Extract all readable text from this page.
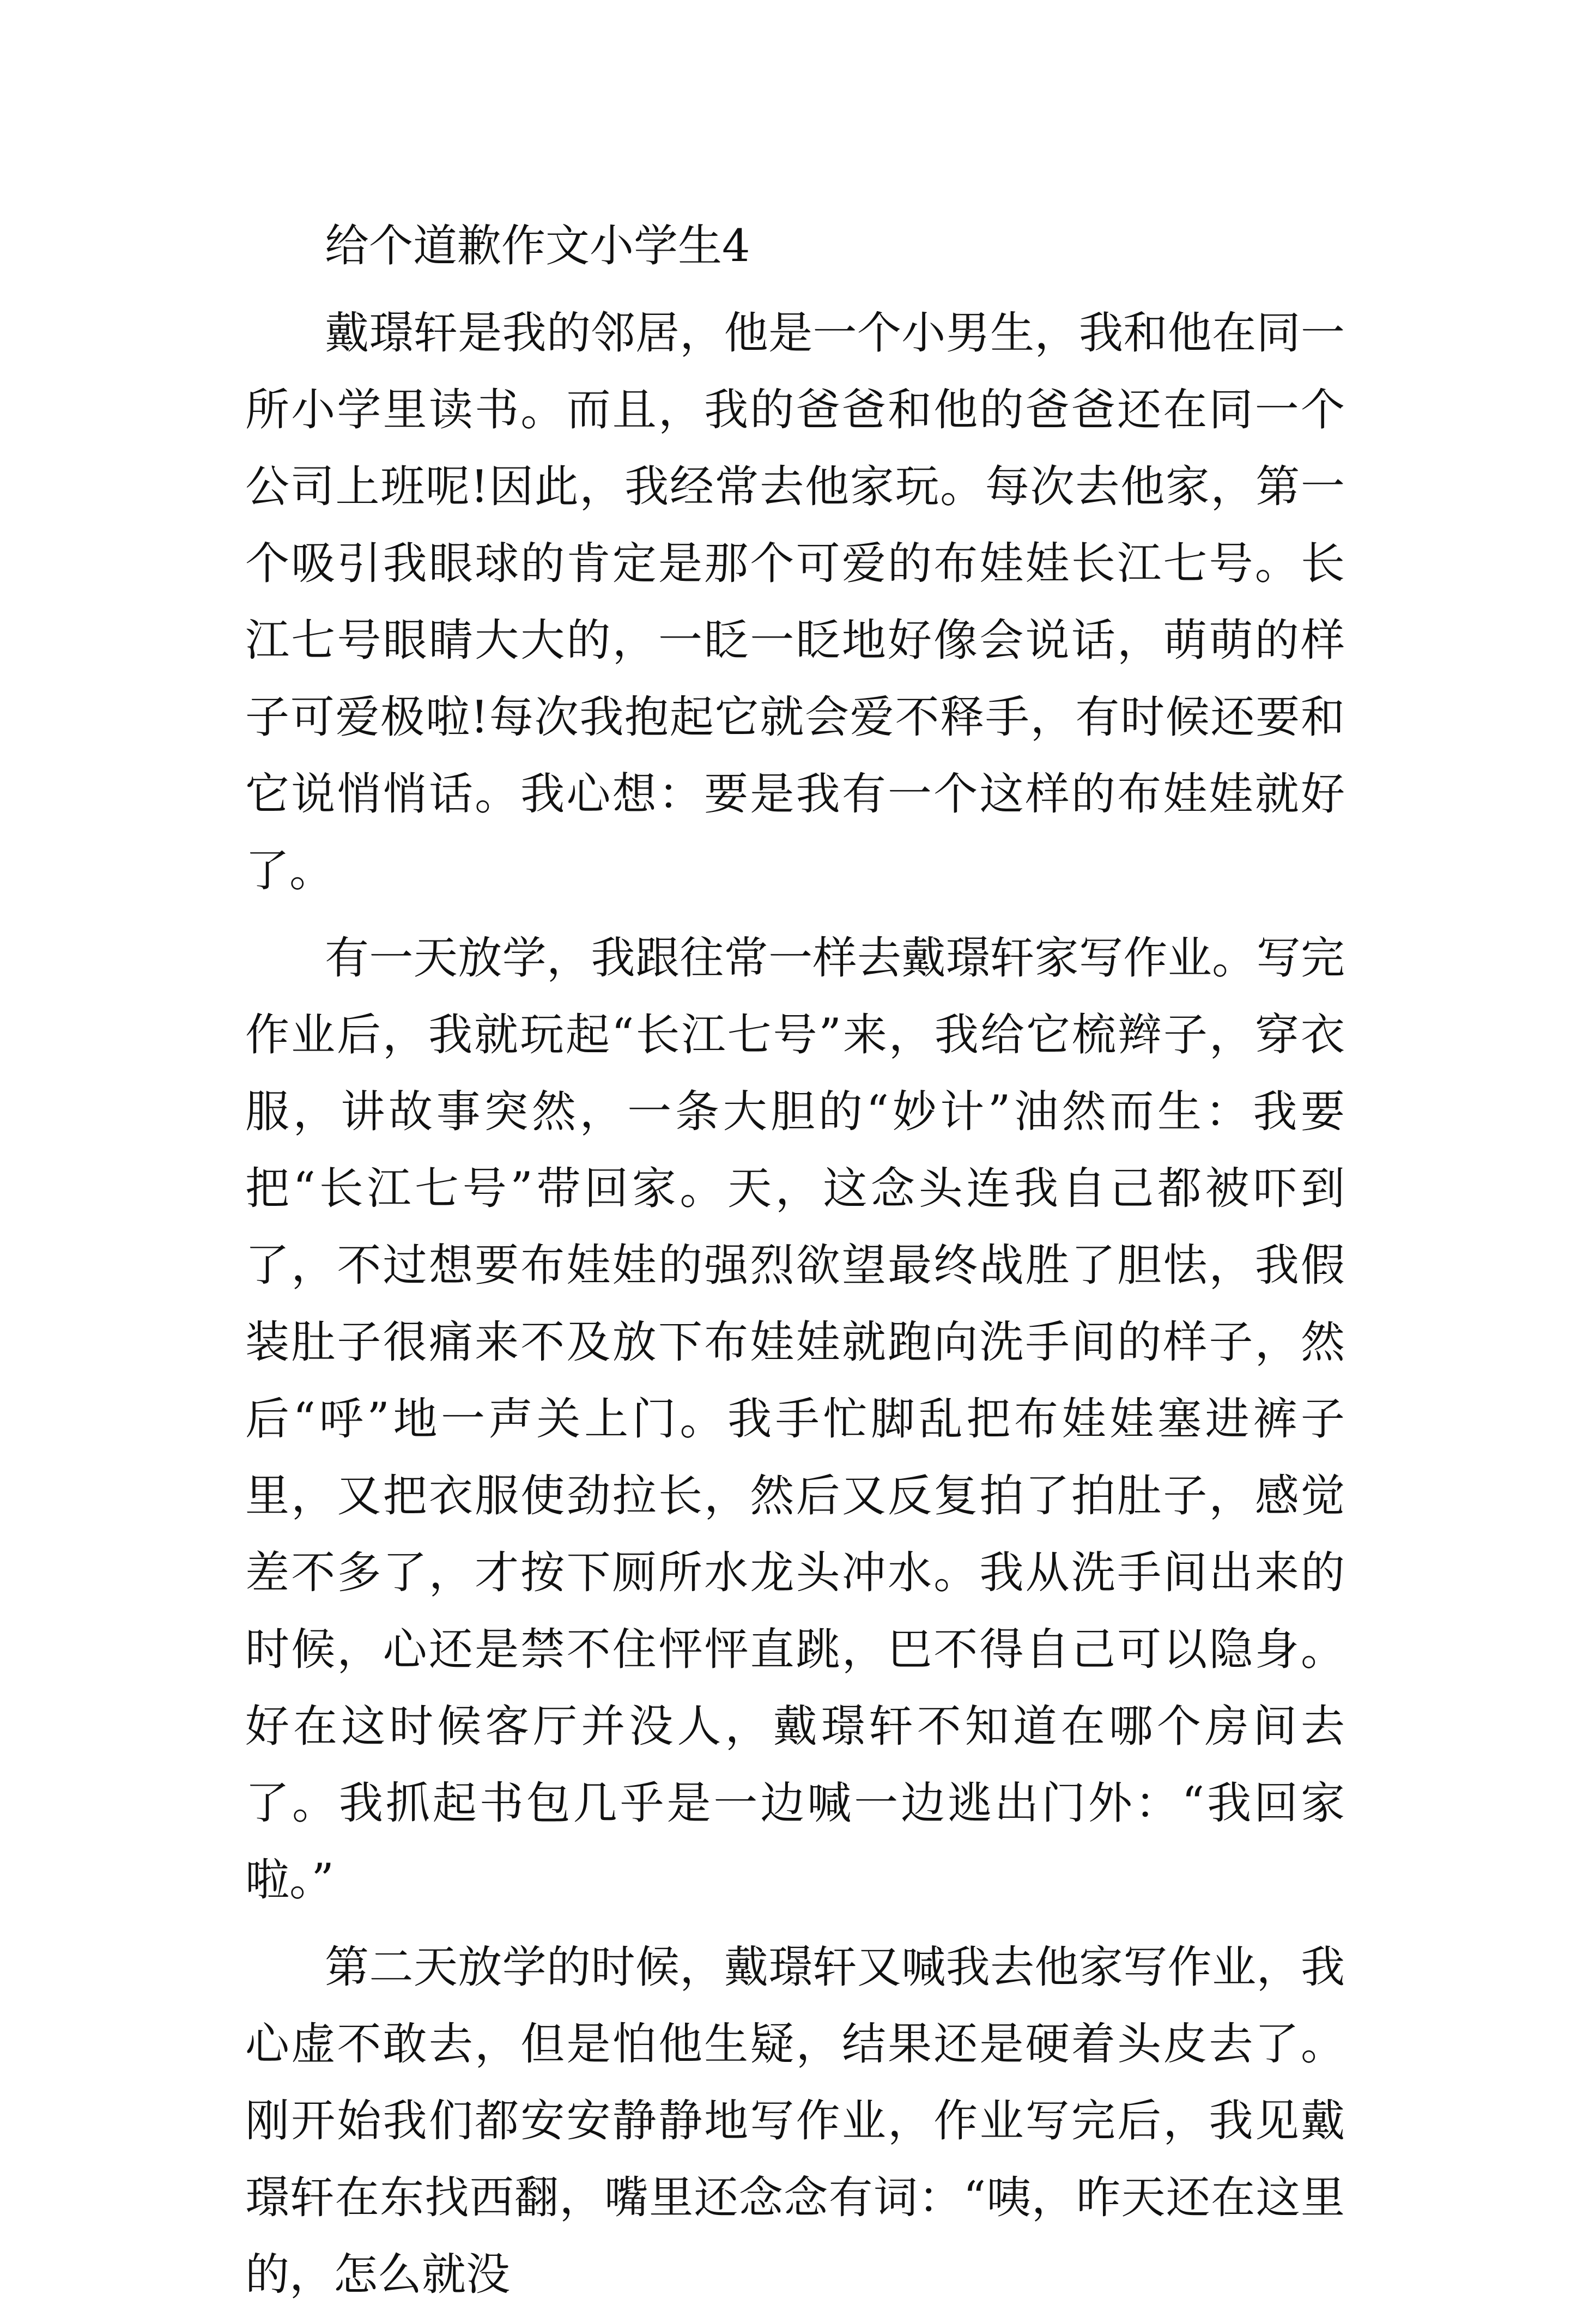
给个道歉作文小学生4

戴璟轩是我的邻居，他是一个小男生，我和他在同一所小学里读书。而且，我的爸爸和他的爸爸还在同一个公司上班呢!因此，我经常去他家玩。每次去他家，第一个吸引我眼球的肯定是那个可爱的布娃娃长江七号。长江七号眼睛大大的，一眨一眨地好像会说话，萌萌的样子可爱极啦!每次我抱起它就会爱不释手，有时候还要和它说悄悄话。我心想：要是我有一个这样的布娃娃就好了。

有一天放学，我跟往常一样去戴璟轩家写作业。写完作业后，我就玩起“长江七号”来，我给它梳辫子，穿衣服，讲故事突然，一条大胆的“妙计”油然而生：我要把“长江七号”带回家。天，这念头连我自己都被吓到了，不过想要布娃娃的强烈欲望最终战胜了胆怯，我假装肚子很痛来不及放下布娃娃就跑向洗手间的样子，然后“呼”地一声关上门。我手忙脚乱把布娃娃塞进裤子里，又把衣服使劲拉长，然后又反复拍了拍肚子，感觉差不多了，才按下厕所水龙头冲水。我从洗手间出来的时候，心还是禁不住怦怦直跳，巴不得自己可以隐身。好在这时候客厅并没人，戴璟轩不知道在哪个房间去了。我抓起书包几乎是一边喊一边逃出门外：“我回家啦。”

第二天放学的时候，戴璟轩又喊我去他家写作业，我心虚不敢去，但是怕他生疑，结果还是硬着头皮去了。刚开始我们都安安静静地写作业，作业写完后，我见戴璟轩在东找西翻，嘴里还念念有词：“咦，昨天还在这里的，怎么就没
